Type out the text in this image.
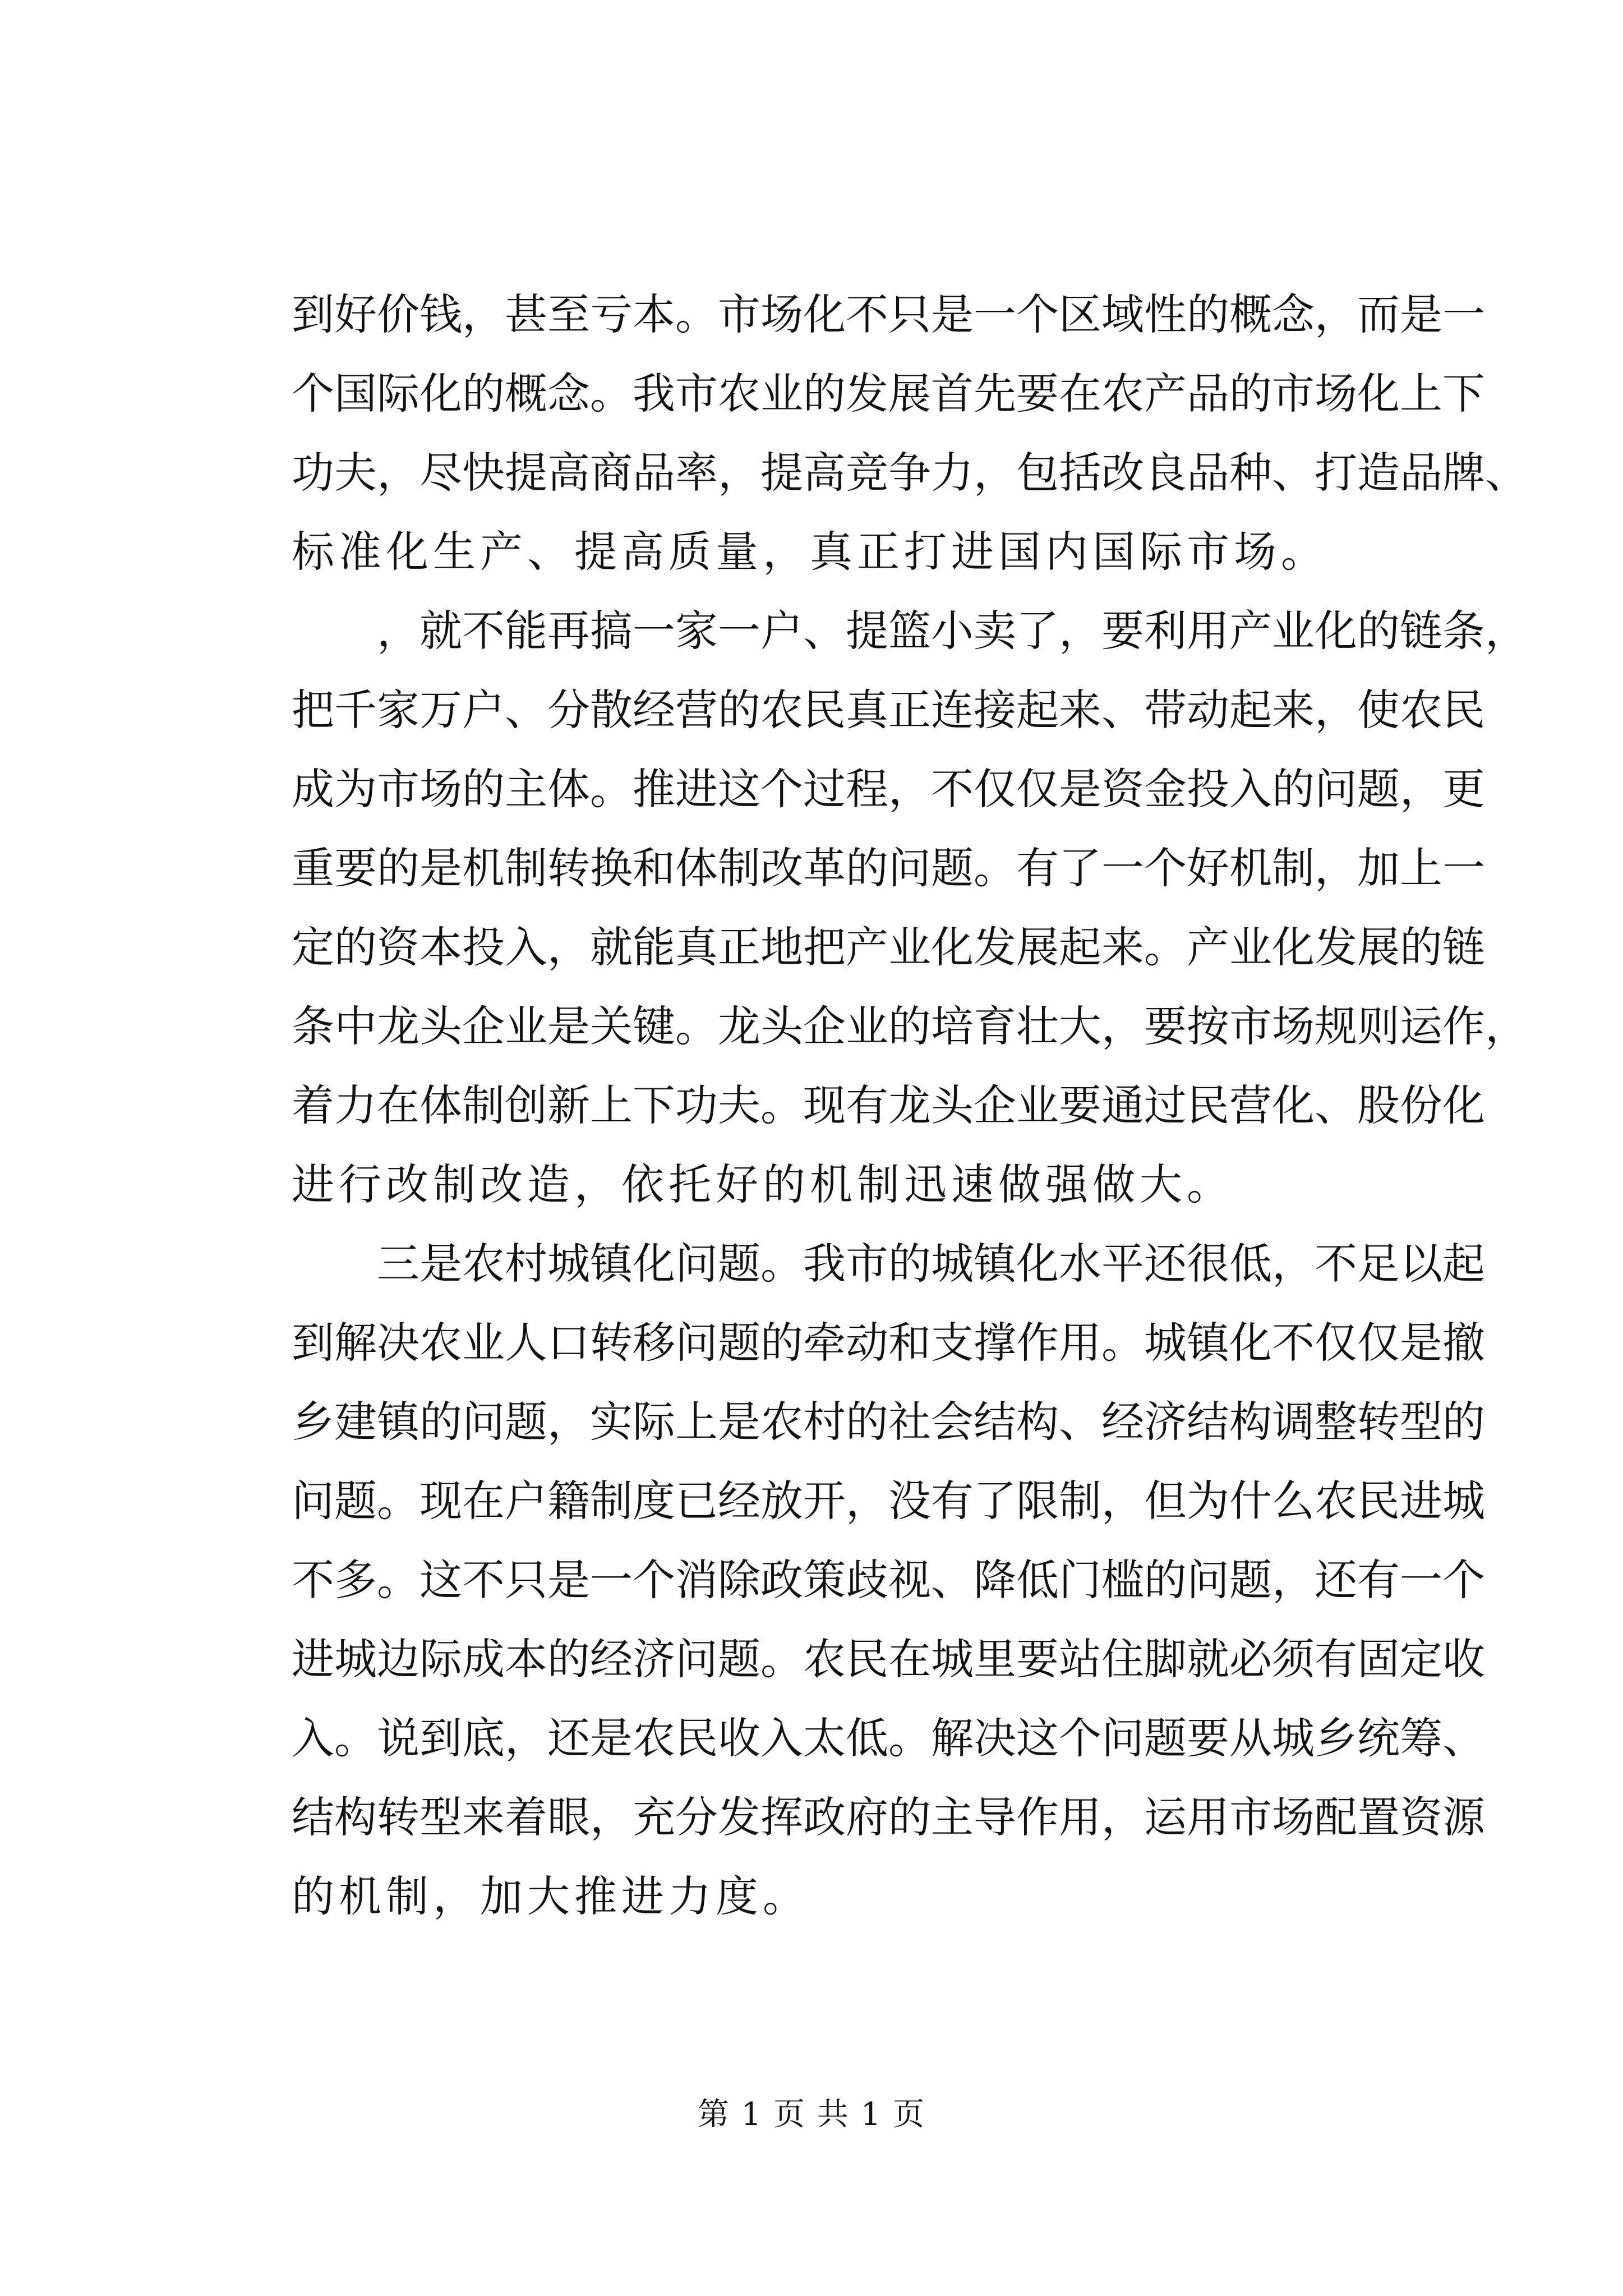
到好价钱，甚至亏本。市场化不只是一个区域性的概念，而是一
个国际化的概念。我市农业的发展首先要在农产品的市场化上下
功夫，尽快提高商品率，提高竞争力，包括改良品种、打造品牌、
标准化生产、提高质量，真正打进国内国际市场。
，就不能再搞一家一户、提篮小卖了，要利用产业化的链条，
把千家万户、分散经营的农民真正连接起来、带动起来，使农民
成为市场的主体。推进这个过程，不仅仅是资金投入的问题，更
重要的是机制转换和体制改革的问题。有了一个好机制，加上一
定的资本投入，就能真正地把产业化发展起来。产业化发展的链
条中龙头企业是关键。龙头企业的培育壮大，要按市场规则运作，
着力在体制创新上下功夫。现有龙头企业要通过民营化、股份化
进行改制改造，依托好的机制迅速做强做大。
三是农村城镇化问题。我市的城镇化水平还很低，不足以起
到解决农业人口转移问题的牵动和支撑作用。城镇化不仅仅是撤
乡建镇的问题，实际上是农村的社会结构、经济结构调整转型的
问题。现在户籍制度已经放开，没有了限制，但为什么农民进城
不多。这不只是一个消除政策歧视、降低门槛的问题，还有一个
进城边际成本的经济问题。农民在城里要站住脚就必须有固定收
入。说到底，还是农民收入太低。解决这个问题要从城乡统筹、
结构转型来着眼，充分发挥政府的主导作用，运用市场配置资源
的机制，加大推进力度。
第 1 页 共 1 页
